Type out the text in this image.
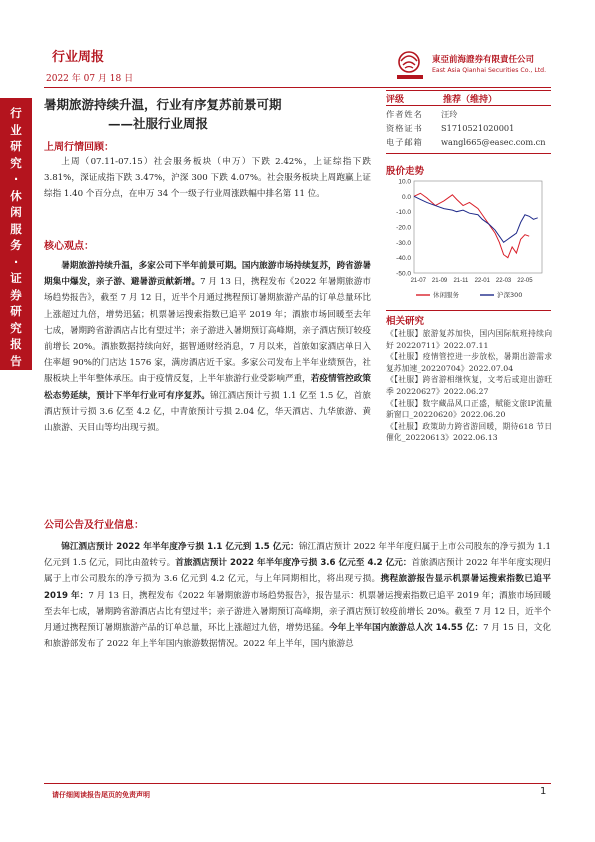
行业周报
2022 年 07 月 18 日
東亞前海證券有限責任公司
East Asia Qianhai Securities Co., Ltd.
行业研究·休闲服务·证券研究报告
暑期旅游持续升温，行业有序复苏前景可期
——社服行业周报
上周行情回顾：
上周（07.11-07.15）社会服务板块（申万）下跌 2.42%，上证综指下跌 3.81%，深证成指下跌 3.47%，沪深 300 下跌 4.07%。社会服务板块上周跑赢上证综指 1.40 个百分点，在申万 34 个一级子行业周涨跌幅中排名第 11 位。
核心观点：
暑期旅游持续升温，多家公司下半年前景可期。国内旅游市场持续复苏，跨省游暑期集中爆发，亲子游、避暑游贡献新增。7 月 13 日，携程发布《2022 年暑期旅游市场趋势报告》，截至 7 月 12 日，近半个月通过携程预订暑期旅游产品的订单总量环比上涨超过九倍，增势迅猛；机票暑运搜索指数已追平 2019 年；酒旅市场回暖至去年七成，暑期跨省游酒店占比有望过半；亲子游进入暑期预订高峰期，亲子酒店预订较疫前增长 20%。酒旅数据持续向好，据智通财经消息，7 月以来，首旅如家酒店单日入住率超 90%的门店达 1576 家，满房酒店近千家。多家公司发布上半年业绩预告，社服板块上半年整体承压。由于疫情反复，上半年旅游行业受影响严重，若疫情管控政策松态势延续，预计下半年行业可有序复苏。锦江酒店预计亏损 1.1 亿至 1.5 亿，首旅酒店预计亏损 3.6 亿至 4.2 亿，中青旅预计亏损 2.04 亿，华天酒店、九华旅游、黄山旅游、天目山等均出现亏损。
公司公告及行业信息：
锦江酒店预计 2022 年半年度净亏损 1.1 亿元到 1.5 亿元：锦江酒店预计 2022 年半年度归属于上市公司股东的净亏损为 1.1 亿元到 1.5 亿元，同比由盈转亏。首旅酒店预计 2022 年半年度净亏损 3.6 亿元至 4.2 亿元：首旅酒店预计 2022 年半年度实现归属于上市公司股东的净亏损为 3.6 亿元到 4.2 亿元，与上年同期相比，将出现亏损。携程旅游报告显示机票暑运搜索指数已追平 2019 年：7 月 13 日，携程发布《2022 年暑期旅游市场趋势报告》，报告显示：机票暑运搜索指数已追平 2019 年；酒旅市场回暖至去年七成，暑期跨省游酒店占比有望过半；亲子游进入暑期预订高峰期，亲子酒店预订较疫前增长 20%。截至 7 月 12 日，近半个月通过携程预订暑期旅游产品的订单总量，环比上涨超过九倍，增势迅猛。今年上半年国内旅游总人次 14.55 亿：7 月 15 日，文化和旅游部发布了 2022 年上半年国内旅游数据情况。2022 年上半年，国内旅游总
评级	推荐（维持）
作者姓名 汪玲
资格证书 S1710521020001
电子邮箱 wangl665@easec.com.cn
股价走势
10.0
0.0
-10.0
-20.0
-30.0
-40.0
-50.0
21-07 21-09 21-11 22-01 22-03 22-05
休闲服务	沪深300
相关研究
《【社服】旅游复苏加快，国内国际航班持续向好 20220711》2022.07.11
《【社服】疫情管控进一步放松，暑期出游需求复苏加速_20220704》2022.07.04
《【社服】跨省游相继恢复，文考后或迎出游旺季 20220627》2022.06.27
《【社服】数字藏品风口正盛，赋能文旅IP流量新窗口_20220620》2022.06.20
《【社服】政策助力跨省游回暖，期待618 节日催化_20220613》2022.06.13
请仔细阅读报告尾页的免责声明	1
